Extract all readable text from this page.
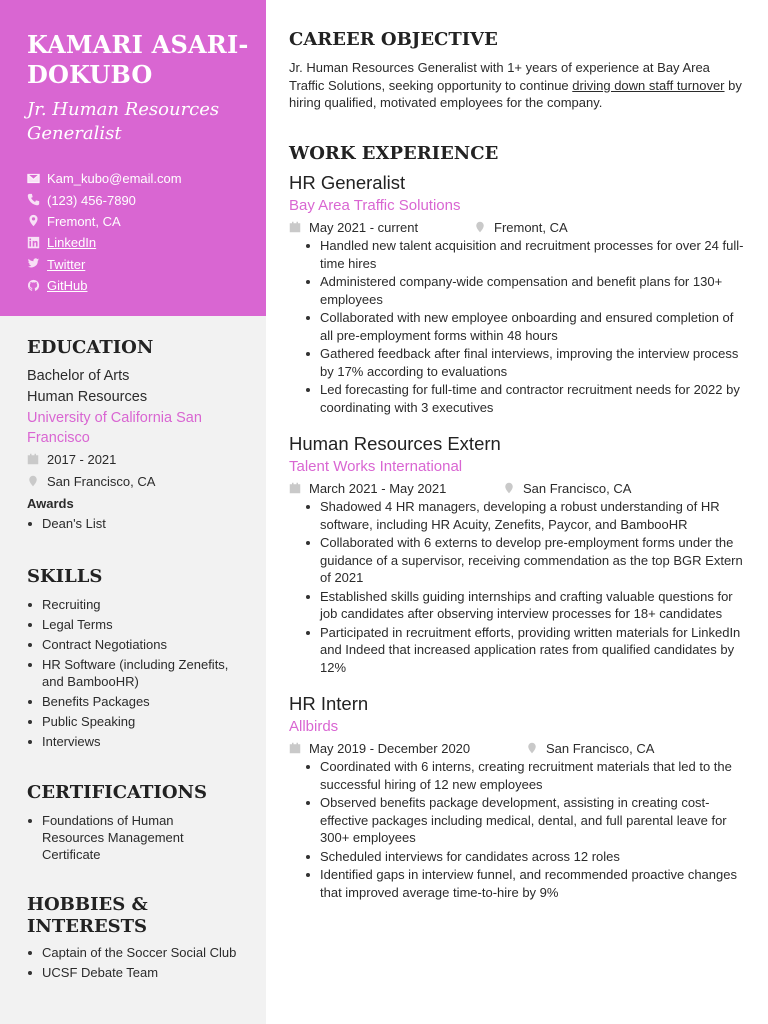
KAMARI ASARI-DOKUBO
Jr. Human Resources Generalist
Kam_kubo@email.com
(123) 456-7890
Fremont, CA
LinkedIn
Twitter
GitHub
EDUCATION
Bachelor of Arts
Human Resources
University of California San Francisco
2017 - 2021
San Francisco, CA
Awards
Dean's List
SKILLS
Recruiting
Legal Terms
Contract Negotiations
HR Software (including Zenefits, and BambooHR)
Benefits Packages
Public Speaking
Interviews
CERTIFICATIONS
Foundations of Human Resources Management Certificate
HOBBIES & INTERESTS
Captain of the Soccer Social Club
UCSF Debate Team
CAREER OBJECTIVE
Jr. Human Resources Generalist with 1+ years of experience at Bay Area Traffic Solutions, seeking opportunity to continue driving down staff turnover by hiring qualified, motivated employees for the company.
WORK EXPERIENCE
HR Generalist
Bay Area Traffic Solutions
May 2021 - current	Fremont, CA
Handled new talent acquisition and recruitment processes for over 24 full-time hires
Administered company-wide compensation and benefit plans for 130+ employees
Collaborated with new employee onboarding and ensured completion of all pre-employment forms within 48 hours
Gathered feedback after final interviews, improving the interview process by 17% according to evaluations
Led forecasting for full-time and contractor recruitment needs for 2022 by coordinating with 3 executives
Human Resources Extern
Talent Works International
March 2021 - May 2021	San Francisco, CA
Shadowed 4 HR managers, developing a robust understanding of HR software, including HR Acuity, Zenefits, Paycor, and BambooHR
Collaborated with 6 externs to develop pre-employment forms under the guidance of a supervisor, receiving commendation as the top BGR Extern of 2021
Established skills guiding internships and crafting valuable questions for job candidates after observing interview processes for 18+ candidates
Participated in recruitment efforts, providing written materials for LinkedIn and Indeed that increased application rates from qualified candidates by 12%
HR Intern
Allbirds
May 2019 - December 2020	San Francisco, CA
Coordinated with 6 interns, creating recruitment materials that led to the successful hiring of 12 new employees
Observed benefits package development, assisting in creating cost-effective packages including medical, dental, and full parental leave for 300+ employees
Scheduled interviews for candidates across 12 roles
Identified gaps in interview funnel, and recommended proactive changes that improved average time-to-hire by 9%
